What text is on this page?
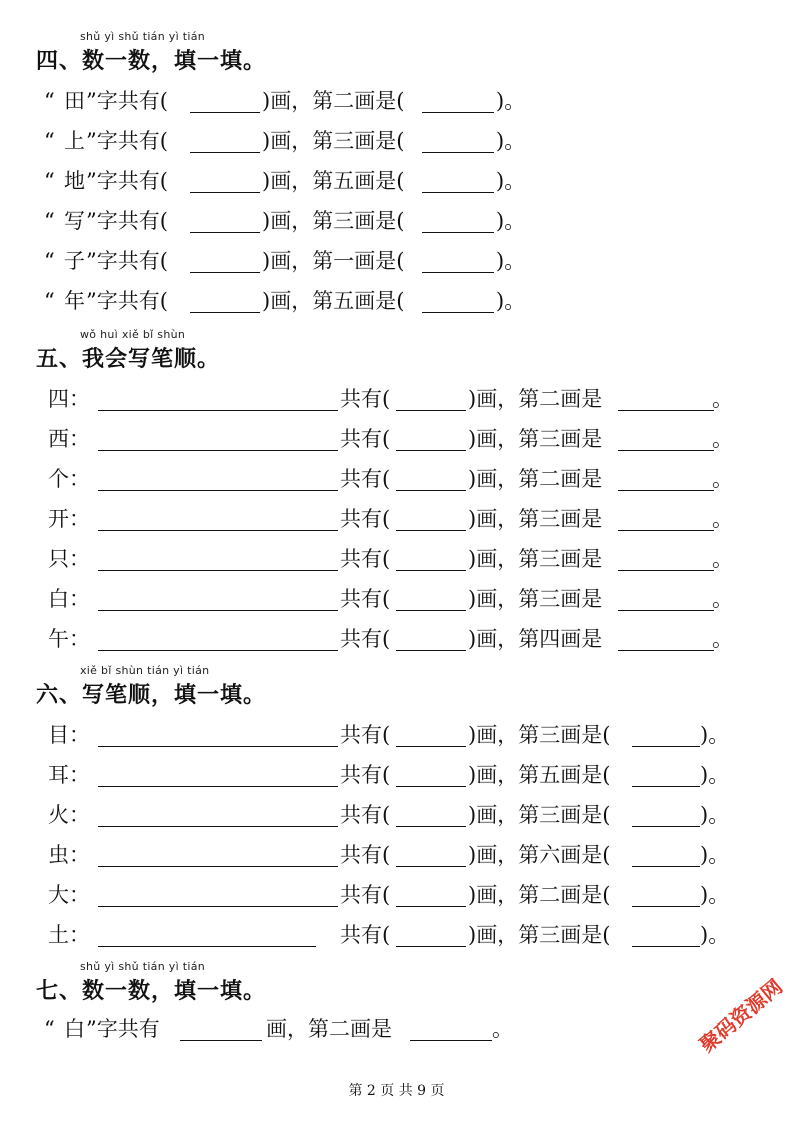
shǔ yì shǔ tián yì tián
四、数一数，填一填。
“ 田 ”字共有(	)画，第二画是(	)。
“ 上 ”字共有(	)画，第三画是(	)。
“ 地 ”字共有(	)画，第五画是(	)。
“ 写 ”字共有(	)画，第三画是(	)。
“ 子 ”字共有(	)画，第一画是(	)。
“ 年 ”字共有(	)画，第五画是(	)。
wǒ huì xiě bǐ shùn
五、我会写笔顺。
四：	共有(	)画，第二画是	。
西：	共有(	)画，第三画是	。
个：	共有(	)画，第二画是	。
开：	共有(	)画，第三画是	。
只：	共有(	)画，第三画是	。
白：	共有(	)画，第三画是	。
午：	共有(	)画，第四画是	。
xiě bǐ shùn tián yì tián
六、写笔顺，填一填。
目：	共有(	)画，第三画是(	)。
耳：	共有(	)画，第五画是(	)。
火：	共有(	)画，第三画是(	)。
虫：	共有(	)画，第六画是(	)。
大：	共有(	)画，第二画是(	)。
土：	共有(	)画，第三画是(	)。
shǔ yì shǔ tián yì tián
七、数一数，填一填。
“ 白 ”字共有	画，第二画是	。
第 2 页 共 9 页
聚码资源网
